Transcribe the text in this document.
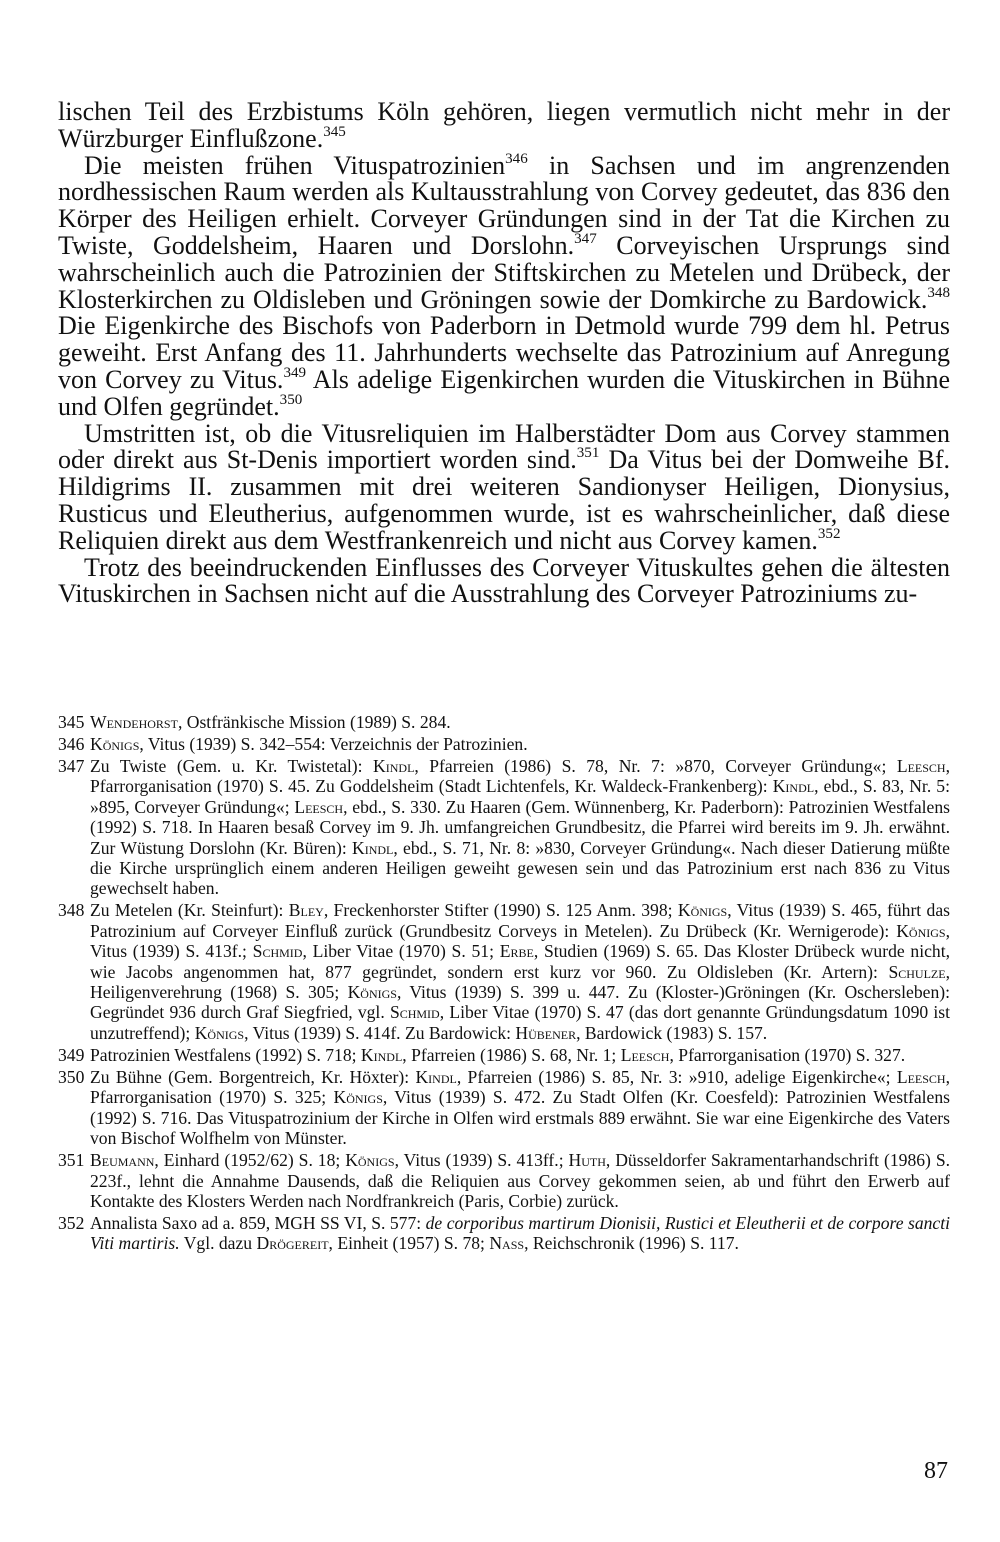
lischen Teil des Erzbistums Köln gehören, liegen vermutlich nicht mehr in der Würzburger Einflußzone.$^{345}$

Die meisten frühen Vituspatrozinien$^{346}$ in Sachsen und im angrenzenden nordhessischen Raum werden als Kultausstrahlung von Corvey gedeutet, das 836 den Körper des Heiligen erhielt. Corveyer Gründungen sind in der Tat die Kirchen zu Twiste, Goddelsheim, Haaren und Dorslohn.$^{347}$ Corveyischen Ursprungs sind wahrscheinlich auch die Patrozinien der Stiftskirchen zu Metelen und Drübeck, der Klosterkirchen zu Oldisleben und Gröningen sowie der Domkirche zu Bardowick.$^{348}$ Die Eigenkirche des Bischofs von Paderborn in Detmold wurde 799 dem hl. Petrus geweiht. Erst Anfang des 11. Jahrhunderts wechselte das Patrozinium auf Anregung von Corvey zu Vitus.$^{349}$ Als adelige Eigenkirchen wurden die Vituskirchen in Bühne und Olfen gegründet.$^{350}$

Umstritten ist, ob die Vitusreliquien im Halberstädter Dom aus Corvey stammen oder direkt aus St-Denis importiert worden sind.$^{351}$ Da Vitus bei der Domweihe Bf. Hildigrims II. zusammen mit drei weiteren Sandionyser Heiligen, Dionysius, Rusticus und Eleutherius, aufgenommen wurde, ist es wahrscheinlicher, daß diese Reliquien direkt aus dem Westfrankenreich und nicht aus Corvey kamen.$^{352}$

Trotz des beeindruckenden Einflusses des Corveyer Vituskultes gehen die ältesten Vituskirchen in Sachsen nicht auf die Ausstrahlung des Corveyer Patroziniums zu-

345 Wendehorst, Ostfränkische Mission (1989) S. 284.
346 Königs, Vitus (1939) S. 342–554: Verzeichnis der Patrozinien.
347 Zu Twiste (Gem. u. Kr. Twistetal): Kindl, Pfarreien (1986) S. 78, Nr. 7: »870, Corveyer Gründung«; Leesch, Pfarrorganisation (1970) S. 45. Zu Goddelsheim (Stadt Lichtenfels, Kr. Waldeck-Frankenberg): Kindl, ebd., S. 83, Nr. 5: »895, Corveyer Gründung«; Leesch, ebd., S. 330. Zu Haaren (Gem. Wünnenberg, Kr. Paderborn): Patrozinien Westfalens (1992) S. 718. In Haaren besaß Corvey im 9. Jh. umfangreichen Grundbesitz, die Pfarrei wird bereits im 9. Jh. erwähnt. Zur Wüstung Dorslohn (Kr. Büren): Kindl, ebd., S. 71, Nr. 8: »830, Corveyer Gründung«. Nach dieser Datierung müßte die Kirche ursprünglich einem anderen Heiligen geweiht gewesen sein und das Patrozinium erst nach 836 zu Vitus gewechselt haben.
348 Zu Metelen (Kr. Steinfurt): Bley, Freckenhorster Stifter (1990) S. 125 Anm. 398; Königs, Vitus (1939) S. 465, führt das Patrozinium auf Corveyer Einfluß zurück (Grundbesitz Corveys in Metelen). Zu Drübeck (Kr. Wernigerode): Königs, Vitus (1939) S. 413f.; Schmid, Liber Vitae (1970) S. 51; Erbe, Studien (1969) S. 65. Das Kloster Drübeck wurde nicht, wie Jacobs angenommen hat, 877 gegründet, sondern erst kurz vor 960. Zu Oldisleben (Kr. Artern): Schulze, Heiligenverehrung (1968) S. 305; Königs, Vitus (1939) S. 399 u. 447. Zu (Kloster-)Gröningen (Kr. Oschersleben): Gegründet 936 durch Graf Siegfried, vgl. Schmid, Liber Vitae (1970) S. 47 (das dort genannte Gründungsdatum 1090 ist unzutreffend); Königs, Vitus (1939) S. 414f. Zu Bardowick: Hübener, Bardowick (1983) S. 157.
349 Patrozinien Westfalens (1992) S. 718; Kindl, Pfarreien (1986) S. 68, Nr. 1; Leesch, Pfarrorganisation (1970) S. 327.
350 Zu Bühne (Gem. Borgentreich, Kr. Höxter): Kindl, Pfarreien (1986) S. 85, Nr. 3: »910, adelige Eigenkirche«; Leesch, Pfarrorganisation (1970) S. 325; Königs, Vitus (1939) S. 472. Zu Stadt Olfen (Kr. Coesfeld): Patrozinien Westfalens (1992) S. 716. Das Vituspatrozinium der Kirche in Olfen wird erstmals 889 erwähnt. Sie war eine Eigenkirche des Vaters von Bischof Wolfhelm von Münster.
351 Beumann, Einhard (1952/62) S. 18; Königs, Vitus (1939) S. 413ff.; Huth, Düsseldorfer Sakramentarhandschrift (1986) S. 223f., lehnt die Annahme Dausends, daß die Reliquien aus Corvey gekommen seien, ab und führt den Erwerb auf Kontakte des Klosters Werden nach Nordfrankreich (Paris, Corbie) zurück.
352 Annalista Saxo ad a. 859, MGH SS VI, S. 577: de corporibus martirum Dionisii, Rustici et Eleutherii et de corpore sancti Viti martiris. Vgl. dazu Drögereit, Einheit (1957) S. 78; Nass, Reichschronik (1996) S. 117.
87
